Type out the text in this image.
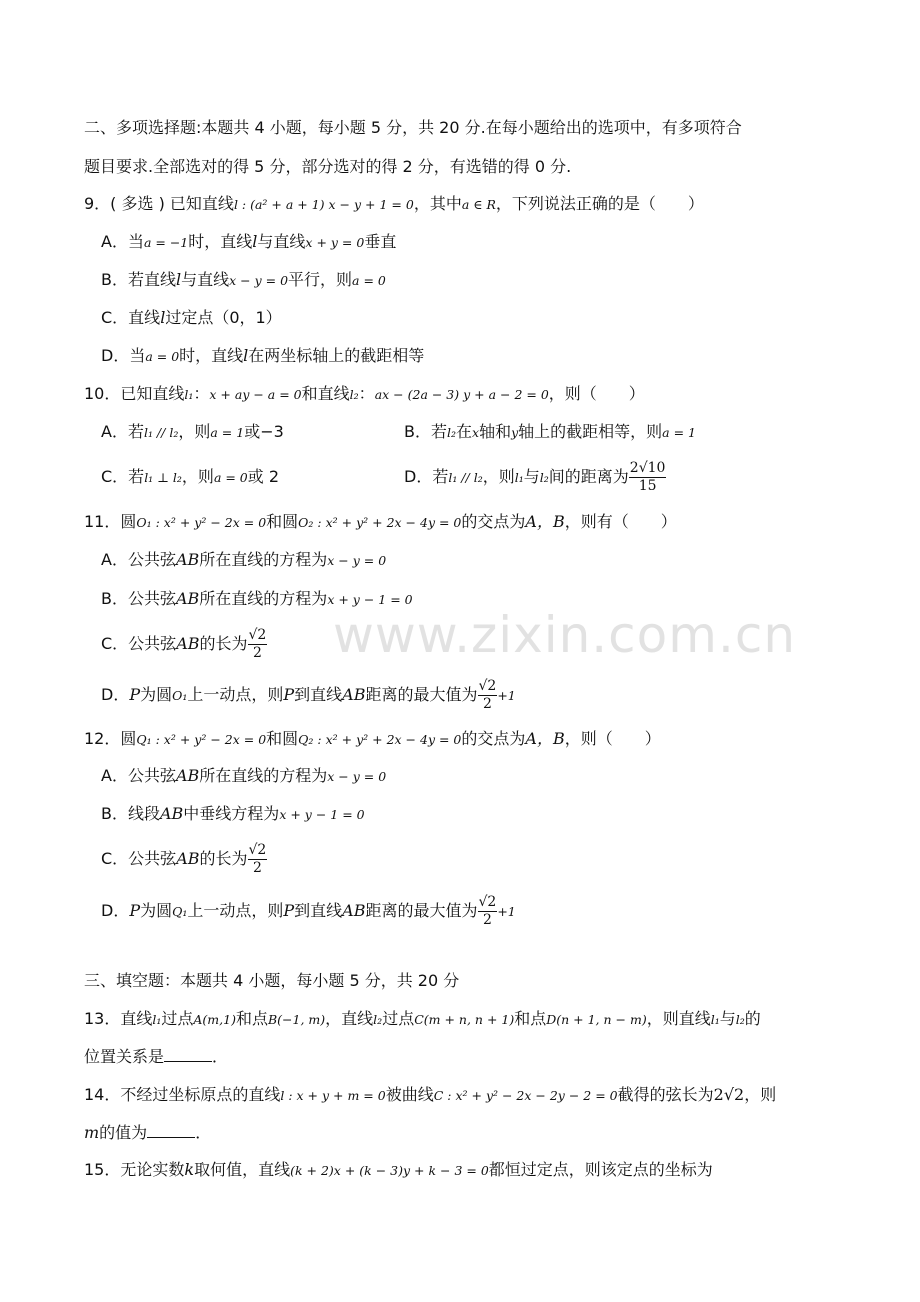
www.zixin.com.cn
二、多项选择题:本题共 4 小题，每小题 5 分，共 20 分.在每小题给出的选项中，有多项符合
题目要求.全部选对的得 5 分，部分选对的得 2 分，有选错的得 0 分.
9．( 多选 ) 已知直线l : (a² + a + 1) x − y + 1 = 0，其中a ∈ R，下列说法正确的是（　　）
A．当a = −1时，直线l与直线x + y = 0垂直
B．若直线l与直线x − y = 0平行，则a = 0
C．直线l过定点（0，1）
D．当a = 0时，直线l在两坐标轴上的截距相等
10．已知直线l₁：x + ay − a = 0和直线l₂：ax − (2a − 3) y + a − 2 = 0，则（　　）
A．若l₁ // l₂，则a = 1或−3	B．若l₂在x轴和y轴上的截距相等，则a = 1
C．若l₁ ⊥ l₂，则a = 0或 2	D．若l₁ // l₂，则l₁与l₂间的距离为 $\frac{2√10}{15}$
11．圆O₁ : x² + y² − 2x = 0和圆O₂ : x² + y² + 2x − 4y = 0的交点为A，B，则有（　　）
A．公共弦AB所在直线的方程为x − y = 0
B．公共弦AB所在直线的方程为x + y − 1 = 0
C．公共弦AB的长为 $\frac{√2}{2}$
D．P为圆O₁上一动点，则P到直线AB距离的最大值为 $\frac{√2}{2} +1$
12．圆Q₁ : x² + y² − 2x = 0和圆Q₂ : x² + y² + 2x − 4y = 0的交点为A，B，则（　　）
A．公共弦AB所在直线的方程为x − y = 0
B．线段AB中垂线方程为x + y − 1 = 0
C．公共弦AB的长为 $\frac{√2}{2}$
D．P为圆Q₁上一动点，则P到直线AB距离的最大值为 $\frac{√2}{2} +1$
三、填空题：本题共 4 小题，每小题 5 分，共 20 分
13．直线l₁过点A(m,1)和点B(−1, m)，直线l₂过点C(m + n, n + 1)和点D(n + 1, n − m)，则直线l₁与l₂的
位置关系是	．
14．不经过坐标原点的直线l : x + y + m = 0被曲线C : x² + y² − 2x − 2y − 2 = 0截得的弦长为2√2，则
m的值为	．
15．无论实数k取何值，直线(k + 2)x + (k − 3)y + k − 3 = 0都恒过定点，则该定点的坐标为
